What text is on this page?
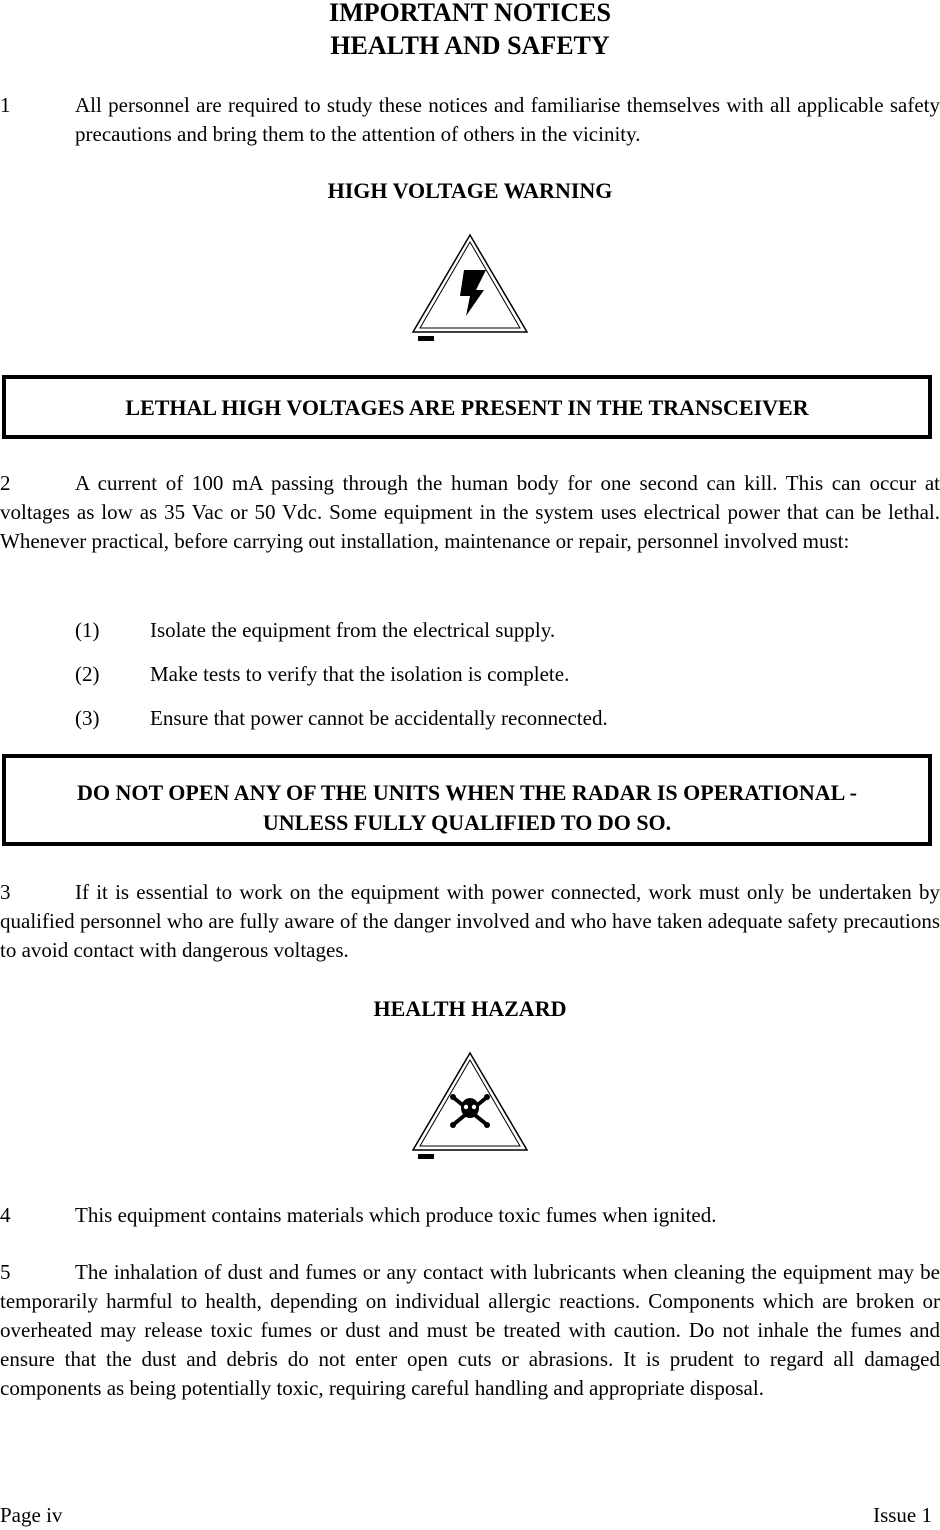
IMPORTANT NOTICES
HEALTH AND SAFETY
1	All personnel are required to study these notices and familiarise themselves with all applicable safety precautions and bring them to the attention of others in the vicinity.
HIGH VOLTAGE WARNING
LETHAL HIGH VOLTAGES ARE PRESENT IN THE TRANSCEIVER
2	A current of 100 mA passing through the human body for one second can kill. This can occur at voltages as low as 35 Vac or 50 Vdc. Some equipment in the system uses electrical power that can be lethal. Whenever practical, before carrying out installation, maintenance or repair, personnel involved must:
(1) Isolate the equipment from the electrical supply.
(2) Make tests to verify that the isolation is complete.
(3) Ensure that power cannot be accidentally reconnected.
DO NOT OPEN ANY OF THE UNITS WHEN THE RADAR IS OPERATIONAL -
UNLESS FULLY QUALIFIED TO DO SO.
3	If it is essential to work on the equipment with power connected, work must only be undertaken by qualified personnel who are fully aware of the danger involved and who have taken adequate safety precautions to avoid contact with dangerous voltages.
HEALTH HAZARD
4	This equipment contains materials which produce toxic fumes when ignited.
5	The inhalation of dust and fumes or any contact with lubricants when cleaning the equipment may be temporarily harmful to health, depending on individual allergic reactions. Components which are broken or overheated may release toxic fumes or dust and must be treated with caution. Do not inhale the fumes and ensure that the dust and debris do not enter open cuts or abrasions. It is prudent to regard all damaged components as being potentially toxic, requiring careful handling and appropriate disposal.
Page iv	Issue 1
